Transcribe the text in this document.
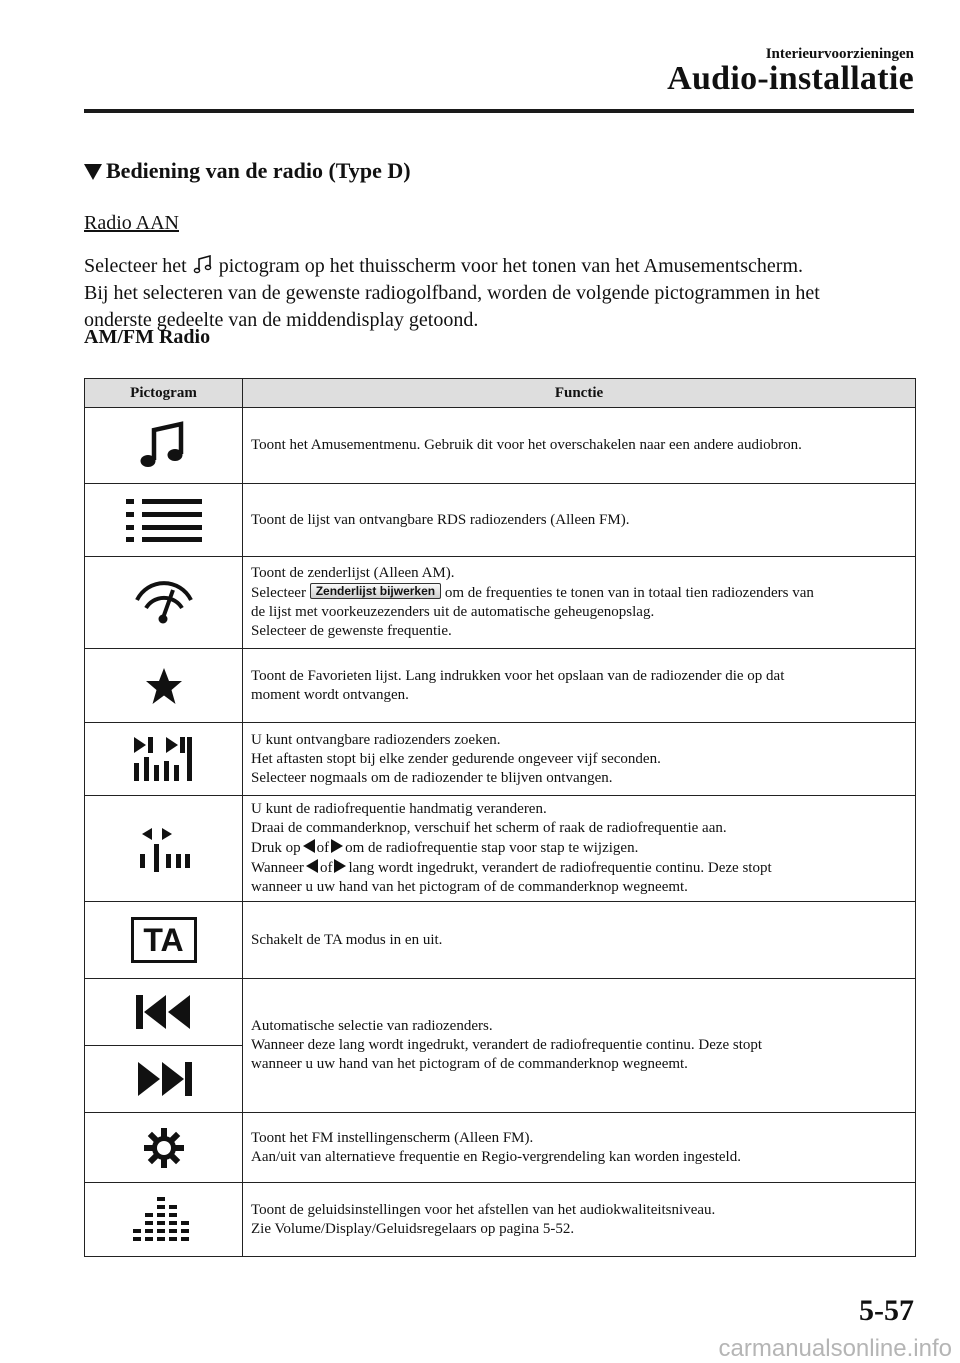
Interieurvoorzieningen
Audio-installatie
Bediening van de radio (Type D)
Radio AAN
Selecteer het pictogram op het thuisscherm voor het tonen van het Amusementscherm.
Bij het selecteren van de gewenste radiogolfband, worden de volgende pictogrammen in het
onderste gedeelte van de middendisplay getoond.
AM/FM Radio
Pictogram	Functie

Toont het Amusementmenu. Gebruik dit voor het overschakelen naar een andere audiobron.

Toont de lijst van ontvangbare RDS radiozenders (Alleen FM).

Toont de zenderlijst (Alleen AM).
Selecteer Zenderlijst bijwerken om de frequenties te tonen van in totaal tien radiozenders van
de lijst met voorkeuzezenders uit de automatische geheugenopslag.
Selecteer de gewenste frequentie.

Toont de Favorieten lijst. Lang indrukken voor het opslaan van de radiozender die op dat
moment wordt ontvangen.

U kunt ontvangbare radiozenders zoeken.
Het aftasten stopt bij elke zender gedurende ongeveer vijf seconden.
Selecteer nogmaals om de radiozender te blijven ontvangen.

U kunt de radiofrequentie handmatig veranderen.
Draai de commanderknop, verschuif het scherm of raak de radiofrequentie aan.
Druk op of om de radiofrequentie stap voor stap te wijzigen.
Wanneer of lang wordt ingedrukt, verandert de radiofrequentie continu. Deze stopt
wanneer u uw hand van het pictogram of de commanderknop wegneemt.

TA	Schakelt de TA modus in en uit.

Automatische selectie van radiozenders.
Wanneer deze lang wordt ingedrukt, verandert de radiofrequentie continu. Deze stopt
wanneer u uw hand van het pictogram of de commanderknop wegneemt.

Toont het FM instellingenscherm (Alleen FM).
Aan/uit van alternatieve frequentie en Regio-vergrendeling kan worden ingesteld.

Toont de geluidsinstellingen voor het afstellen van het audiokwaliteitsniveau.
Zie Volume/Display/Geluidsregelaars op pagina 5-52.
5-57
carmanualsonline.info
